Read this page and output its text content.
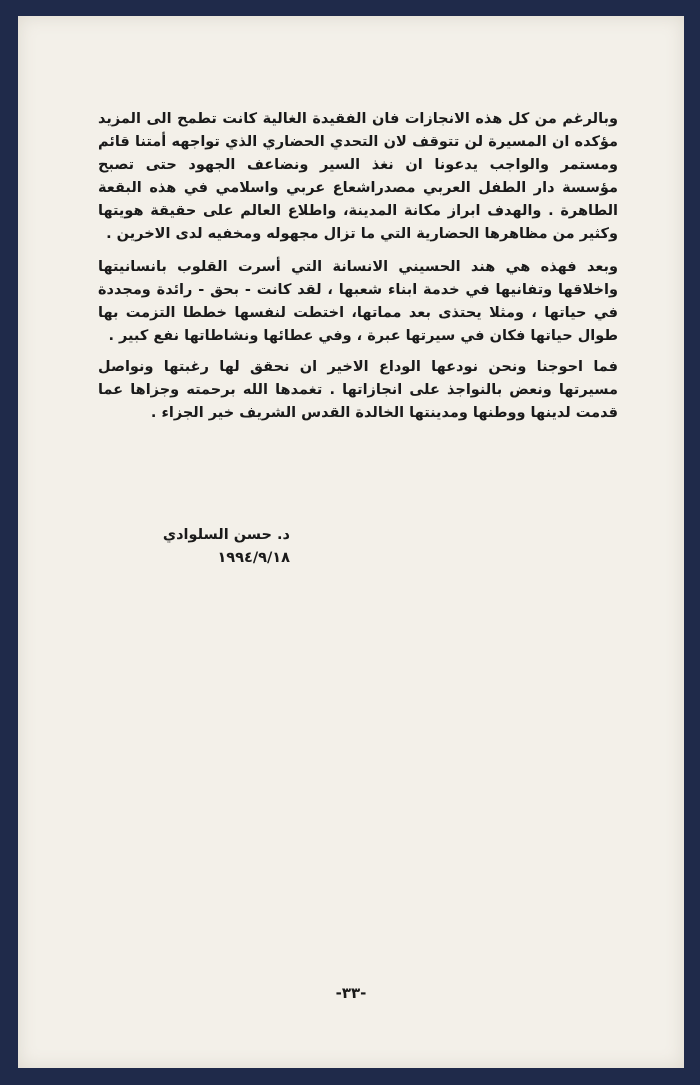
وبالرغم من كل هذه الانجازات فان الفقيدة الغالية كانت تطمح الى المزيد مؤكده ان المسيرة لن تتوقف لان التحدي الحضاري الذي تواجهه أمتنا قائم ومستمر والواجب يدعونا ان نغذ السير ونضاعف الجهود حتى تصبح مؤسسة دار الطفل العربي مصدراشعاع عربي واسلامي في هذه البقعة الطاهرة . والهدف ابراز مكانة المدينة، واطلاع العالم على حقيقة هويتها وكثير من مظاهرها الحضارية التي ما تزال مجهوله ومخفيه لدى الاخرين .

وبعد فهذه هي هند الحسيني الانسانة التي أسرت القلوب بانسانيتها واخلاقها وتفانيها في خدمة ابناء شعبها ، لقد كانت - بحق - رائدة ومجددة في حياتها ، ومثلا يحتذى بعد مماتها، اختطت لنفسها خططا التزمت بها طوال حياتها فكان في سيرتها عبرة ، وفي عطائها ونشاطاتها نفع كبير .

فما احوجنا ونحن نودعها الوداع الاخير ان نحقق لها رغبتها ونواصل مسيرتها ونعض بالنواجذ على انجازاتها . تغمدها الله برحمته وجزاها عما قدمت لدينها ووطنها ومدينتها الخالدة القدس الشريف خير الجزاء .

د. حسن السلوادي
١٩٩٤/٩/١٨
-٣٣-
